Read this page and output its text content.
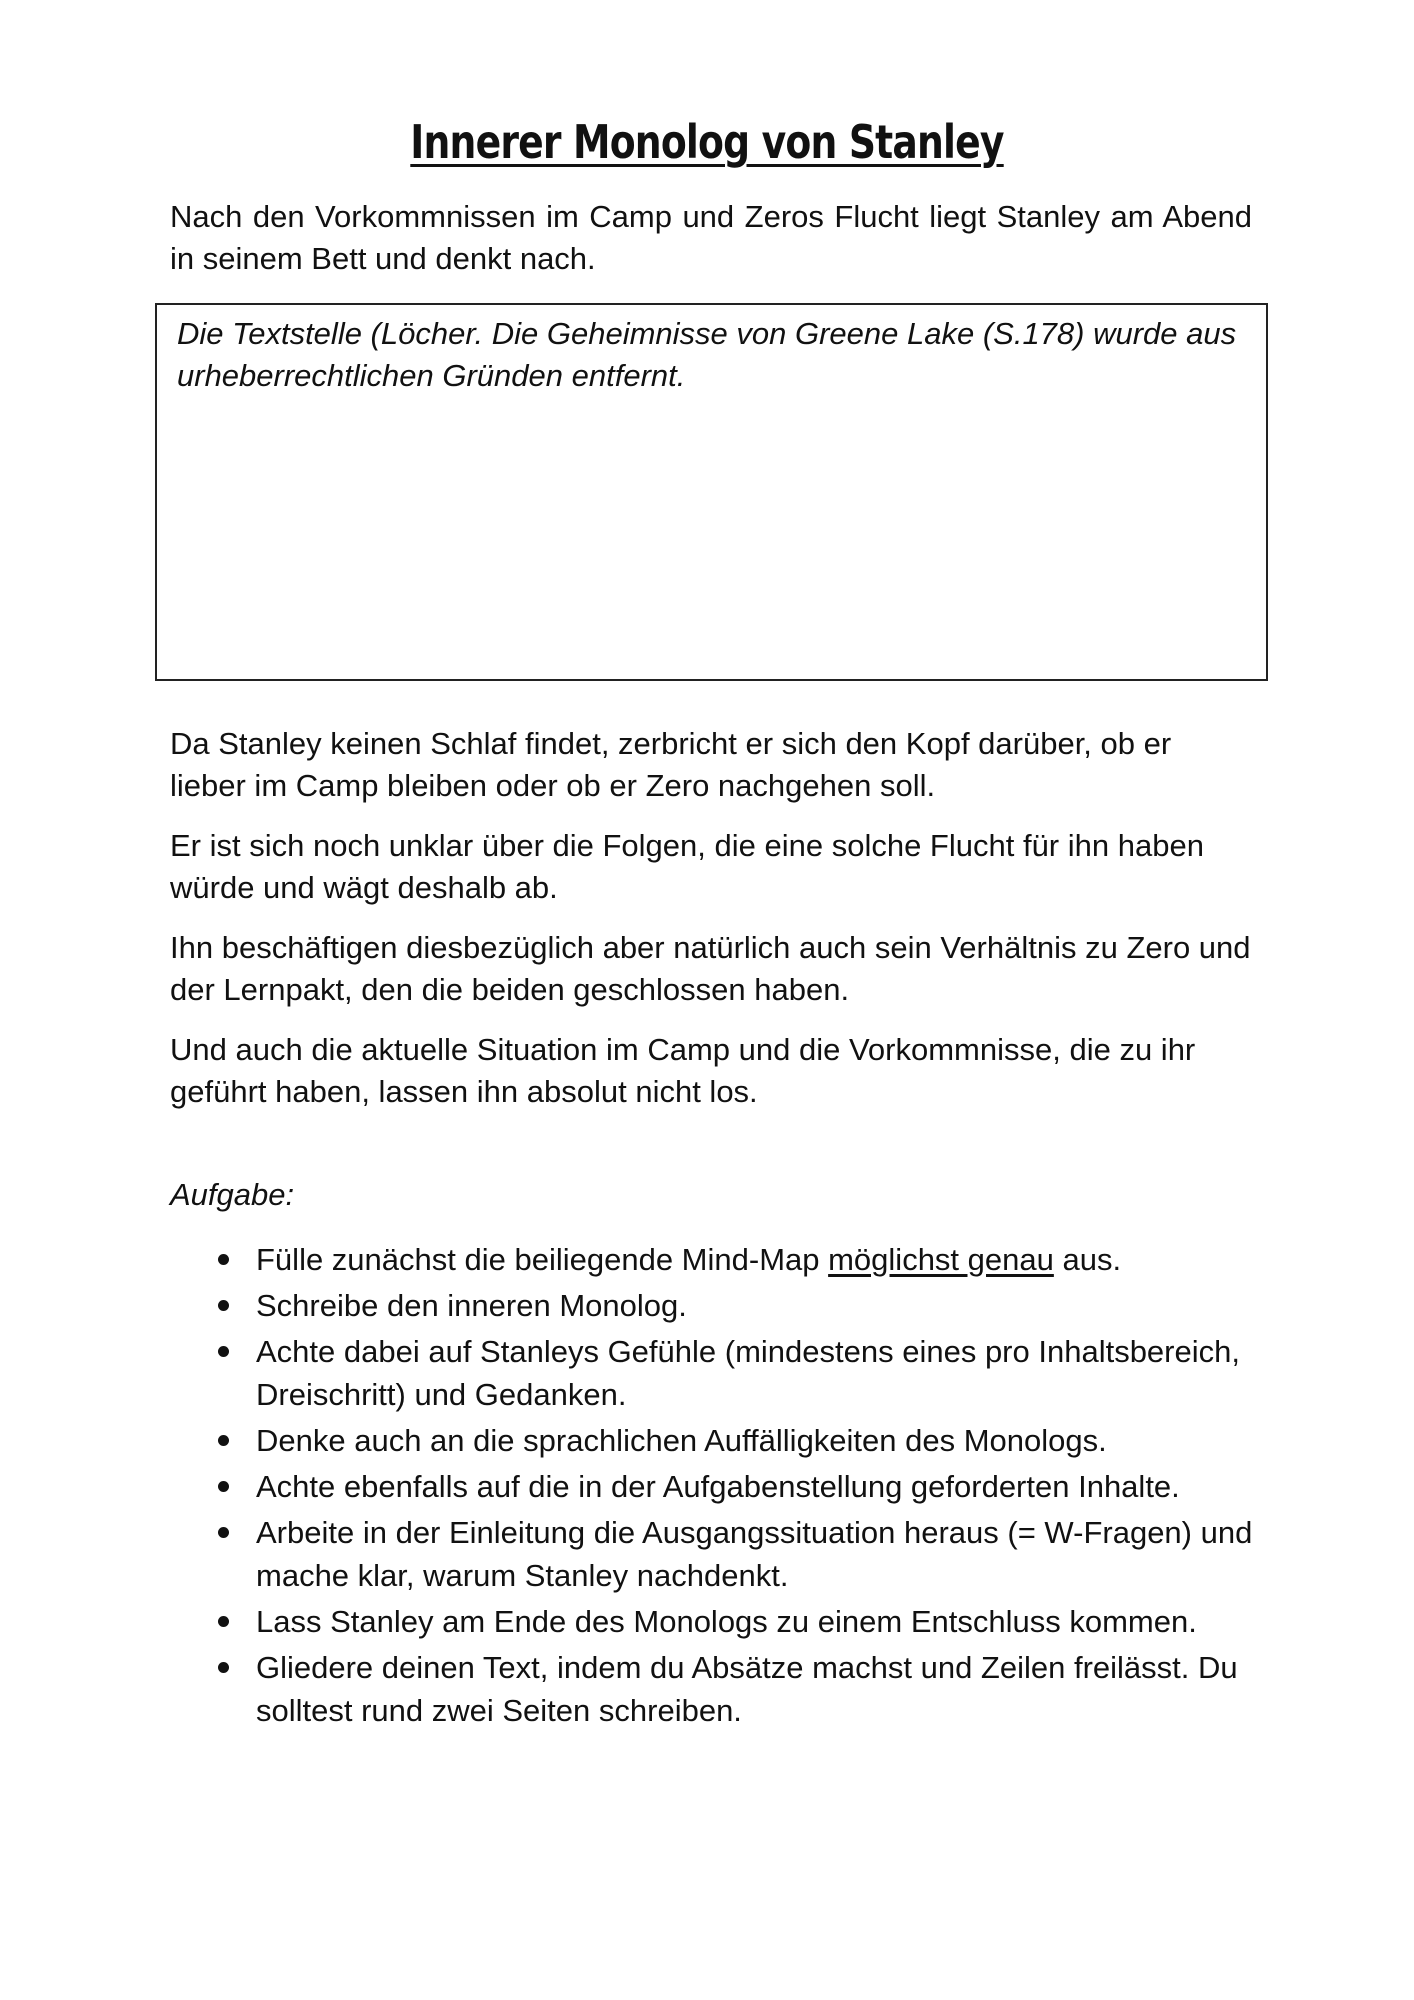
Innerer Monolog von Stanley

Nach den Vorkommnissen im Camp und Zeros Flucht liegt Stanley am Abend in seinem Bett und denkt nach.

Die Textstelle (Löcher. Die Geheimnisse von Greene Lake (S.178) wurde aus urheberrechtlichen Gründen entfernt.

Da Stanley keinen Schlaf findet, zerbricht er sich den Kopf darüber, ob er lieber im Camp bleiben oder ob er Zero nachgehen soll.

Er ist sich noch unklar über die Folgen, die eine solche Flucht für ihn haben würde und wägt deshalb ab.

Ihn beschäftigen diesbezüglich aber natürlich auch sein Verhältnis zu Zero und der Lernpakt, den die beiden geschlossen haben.

Und auch die aktuelle Situation im Camp und die Vorkommnisse, die zu ihr geführt haben, lassen ihn absolut nicht los.

Aufgabe:

Fülle zunächst die beiliegende Mind-Map möglichst genau aus.
Schreibe den inneren Monolog.
Achte dabei auf Stanleys Gefühle (mindestens eines pro Inhaltsbereich, Dreischritt) und Gedanken.
Denke auch an die sprachlichen Auffälligkeiten des Monologs.
Achte ebenfalls auf die in der Aufgabenstellung geforderten Inhalte.
Arbeite in der Einleitung die Ausgangssituation heraus (= W-Fragen) und mache klar, warum Stanley nachdenkt.
Lass Stanley am Ende des Monologs zu einem Entschluss kommen.
Gliedere deinen Text, indem du Absätze machst und Zeilen freilässt. Du solltest rund zwei Seiten schreiben.
